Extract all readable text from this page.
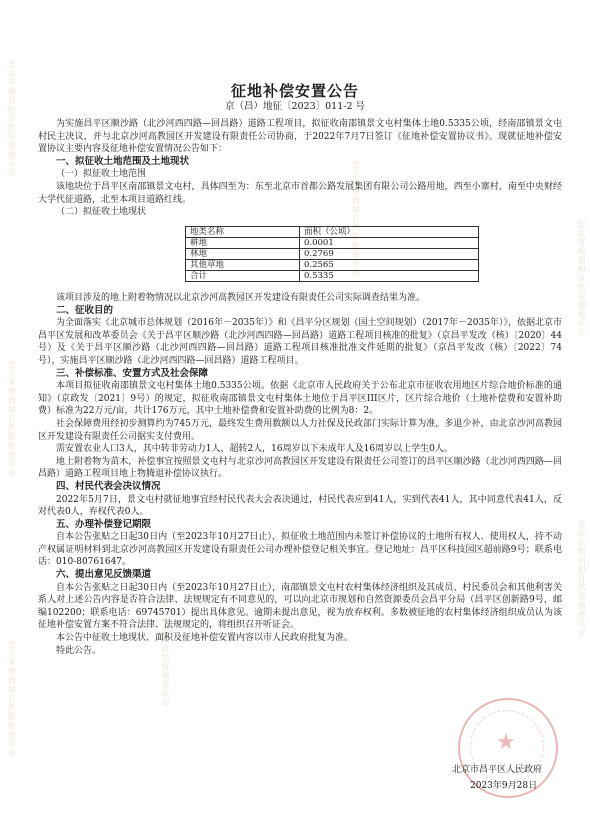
北京市规划和自然资源委员会
北京市规划和自然资源委员会
北京市规划和自然资源委员会	北京市规划和自然资源委员会
北京市规划和自然资源委员会
北京市规划和自然资源委员会
北京市规划和自然资源委员会
征地补偿安置公告
京（昌）地征〔2023〕011-2 号

为实施昌平区顺沙路（北沙河西四路—回昌路）道路工程项目，拟征收南邵镇景文屯村集体土地0.5335公顷，经南邵镇景文屯村民主决议，并与北京沙河高教园区开发建设有限责任公司协商，于2022年7月7日签订《征地补偿安置协议书》。现就征地补偿安置协议主要内容及征地补偿安置情况公告如下：

一、拟征收土地范围及土地现状

（一）拟征收土地范围

该地块位于昌平区南邵镇景文屯村，具体四至为：东至北京市首都公路发展集团有限公司公路用地，西至小寨村，南至中央财经大学代征道路，北至本项目道路红线。

（二）拟征收土地现状

地类名称	面积（公顷）
耕地	0.0001
林地	0.2769
其他草地	0.2565
合计	0.5335

该项目涉及的地上附着物情况以北京沙河高教园区开发建设有限责任公司实际调查结果为准。

二、征收目的

为全面落实《北京城市总体规划（2016年－2035年）》和《昌平分区规划（国土空间规划）（2017年－2035年）》，依据北京市昌平区发展和改革委员会《关于昌平区顺沙路（北沙河西四路—回昌路）道路工程项目核准的批复》（京昌平发改（核）〔2020〕44号）及《关于昌平区顺沙路（北沙河西四路—回昌路）道路工程项目核准批准文件延期的批复》（京昌平发改（核）〔2022〕74号），实施昌平区顺沙路（北沙河西四路—回昌路）道路工程项目。

三、补偿标准、安置方式及社会保障

本项目拟征收南邵镇景文屯村集体土地0.5335公顷。依据《北京市人民政府关于公布北京市征收农用地区片综合地价标准的通知》（京政发〔2021〕9号）的规定，拟征收南邵镇景文屯村集体土地位于昌平区III区片，区片综合地价（土地补偿费和安置补助费）标准为22万元/亩，共计176万元，其中土地补偿费和安置补助费的比例为8：2。

社会保障费用经初步测算约为745万元，最终发生费用数额以人力社保及民政部门实际计算为准，多退少补，由北京沙河高教园区开发建设有限责任公司据实支付费用。

需安置农业人口3人，其中转非劳动力1人，超转2人，16周岁以下未成年人及16周岁以上学生0人。

地上附着物为苗木，补偿事宜按照景文屯村与北京沙河高教园区开发建设有限责任公司签订的昌平区顺沙路（北沙河西四路—回昌路）道路工程项目地上物腾退补偿协议执行。

四、村民代表会决议情况

2022年5月7日，景文屯村就征地事宜经村民代表大会表决通过，村民代表应到41人，实到代表41人，其中同意代表41人，反对代表0人，弃权代表0人。

五、办理补偿登记期限

自本公告张贴之日起30日内（至2023年10月27日止），拟征收土地范围内未签订补偿协议的土地所有权人、使用权人，持不动产权属证明材料到北京沙河高教园区开发建设有限责任公司办理补偿登记相关事宜。登记地址：昌平区科技园区超前路9号；联系电话：010-80761647。

六、提出意见反馈渠道

自本公告张贴之日起30日内（至2023年10月27日止），南邵镇景文屯村农村集体经济组织及其成员、村民委员会和其他利害关系人对上述公告内容是否符合法律、法规规定有不同意见的，可以向北京市规划和自然资源委员会昌平分局（昌平区创新路9号，邮编102200；联系电话：69745701）提出具体意见。逾期未提出意见，视为放弃权利。多数被征地的农村集体经济组织成员认为该征地补偿安置方案不符合法律、法规规定的，将组织召开听证会。

本公告中征收土地现状、面积及征地补偿安置内容以市人民政府批复为准。

特此公告。

★
北京市昌平区人民政府
2023年9月28日
